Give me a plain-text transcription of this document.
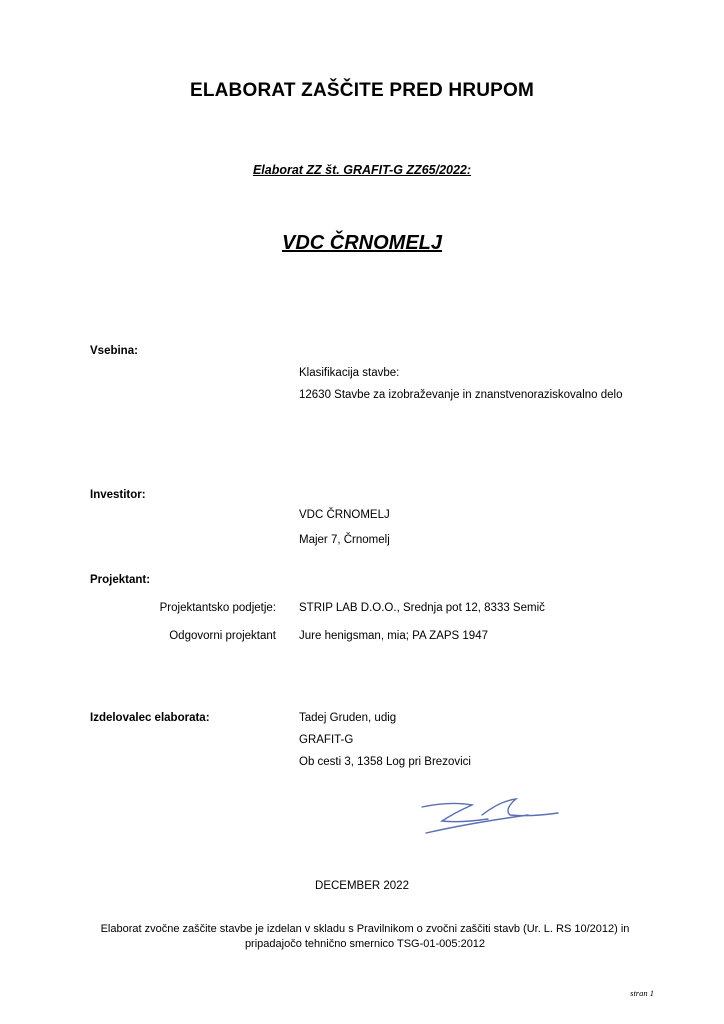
ELABORAT ZAŠČITE PRED HRUPOM
Elaborat ZZ št. GRAFIT-G ZZ65/2022:
VDC ČRNOMELJ
Vsebina:
Klasifikacija stavbe:
12630 Stavbe za izobraževanje in znanstvenoraziskovalno delo
Investitor:
VDC ČRNOMELJ
Majer 7, Črnomelj
Projektant:
Projektantsko podjetje: STRIP LAB D.O.O., Srednja pot 12, 8333 Semič
Odgovorni projektant Jure henigsman, mia; PA ZAPS 1947
Izdelovalec elaborata:	Tadej Gruden, udig
GRAFIT-G
Ob cesti 3, 1358 Log pri Brezovici
DECEMBER 2022
Elaborat zvočne zaščite stavbe je izdelan v skladu s Pravilnikom o zvočni zaščiti stavb (Ur. L. RS 10/2012) in pripadajočo tehnično smernico TSG-01-005:2012
stran 1
